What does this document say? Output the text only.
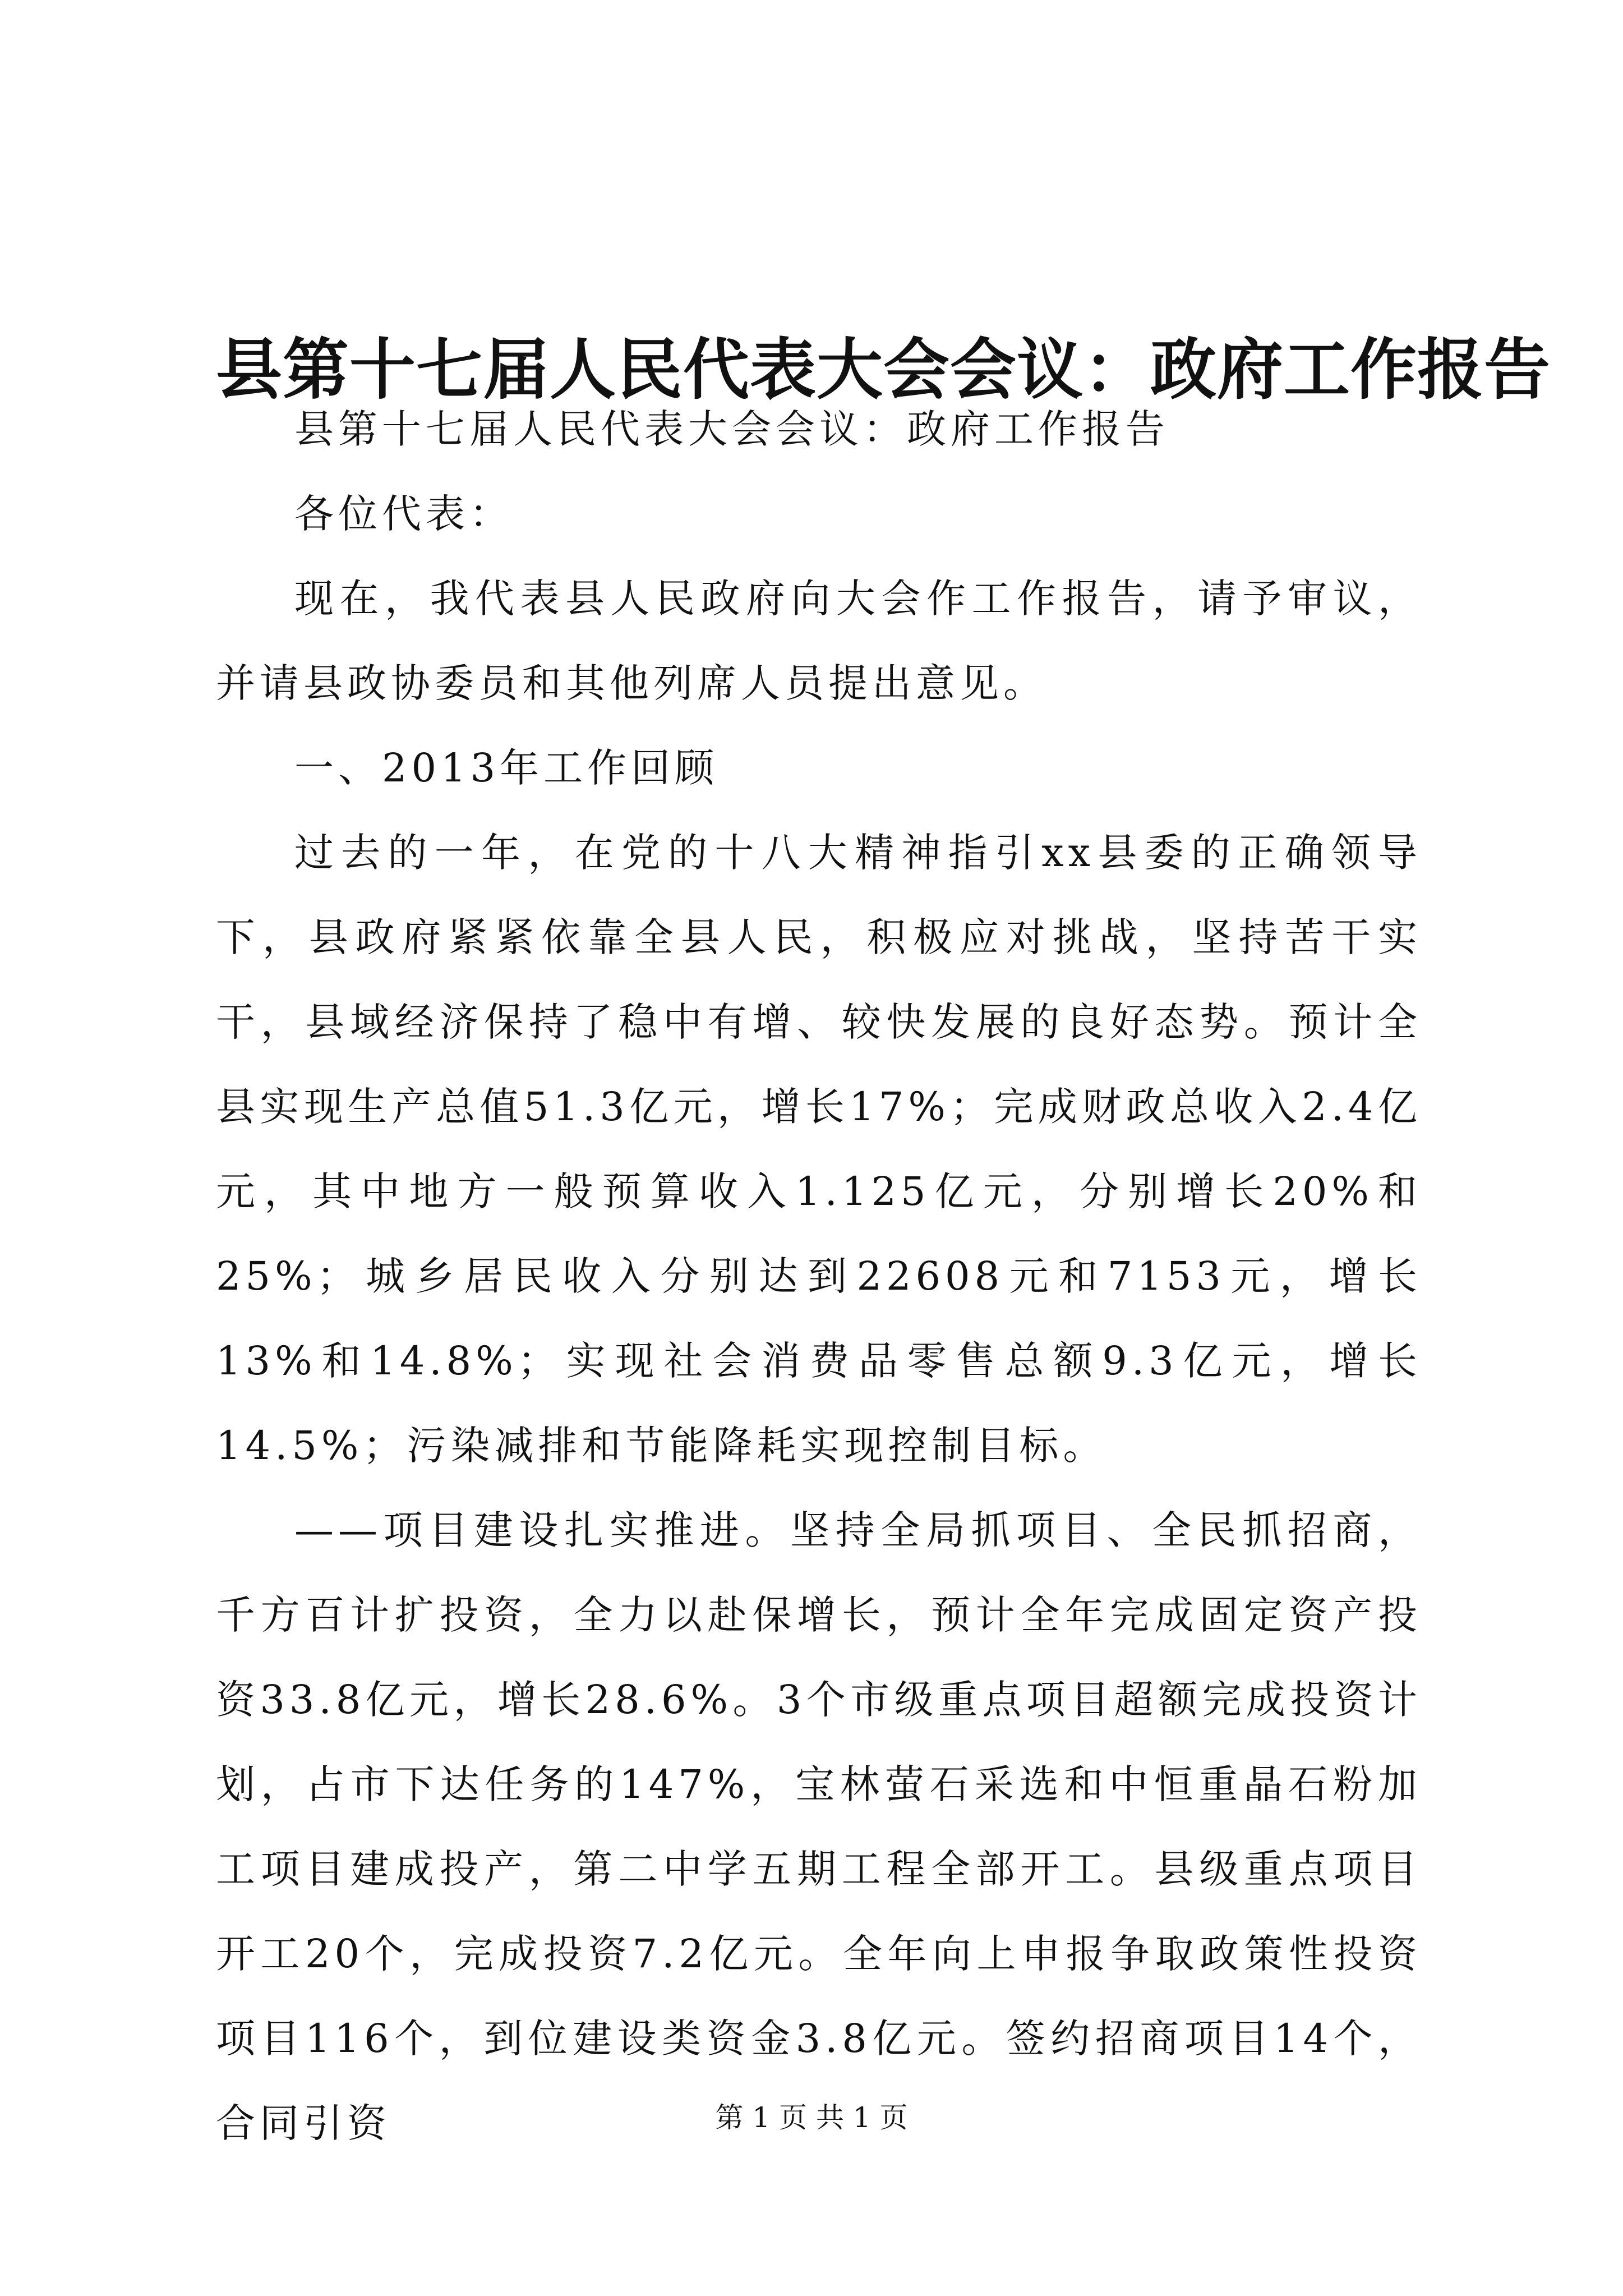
县第十七届人民代表大会会议：政府工作报告

县第十七届人民代表大会会议：政府工作报告

各位代表：

现在，我代表县人民政府向大会作工作报告，请予审议，并请县政协委员和其他列席人员提出意见。

一、2013年工作回顾

过去的一年，在党的十八大精神指引xx县委的正确领导下，县政府紧紧依靠全县人民，积极应对挑战，坚持苦干实干，县域经济保持了稳中有增、较快发展的良好态势。预计全县实现生产总值51.3亿元，增长17%；完成财政总收入2.4亿元，其中地方一般预算收入1.125亿元，分别增长20%和25%；城乡居民收入分别达到22608元和7153元，增长13%和14.8%；实现社会消费品零售总额9.3亿元，增长14.5%；污染减排和节能降耗实现控制目标。

——项目建设扎实推进。坚持全局抓项目、全民抓招商，千方百计扩投资，全力以赴保增长，预计全年完成固定资产投资33.8亿元，增长28.6%。3个市级重点项目超额完成投资计划，占市下达任务的147%，宝林萤石采选和中恒重晶石粉加工项目建成投产，第二中学五期工程全部开工。县级重点项目开工20个，完成投资7.2亿元。全年向上申报争取政策性投资项目116个，到位建设类资金3.8亿元。签约招商项目14个，合同引资	第 1 页 共 1 页
